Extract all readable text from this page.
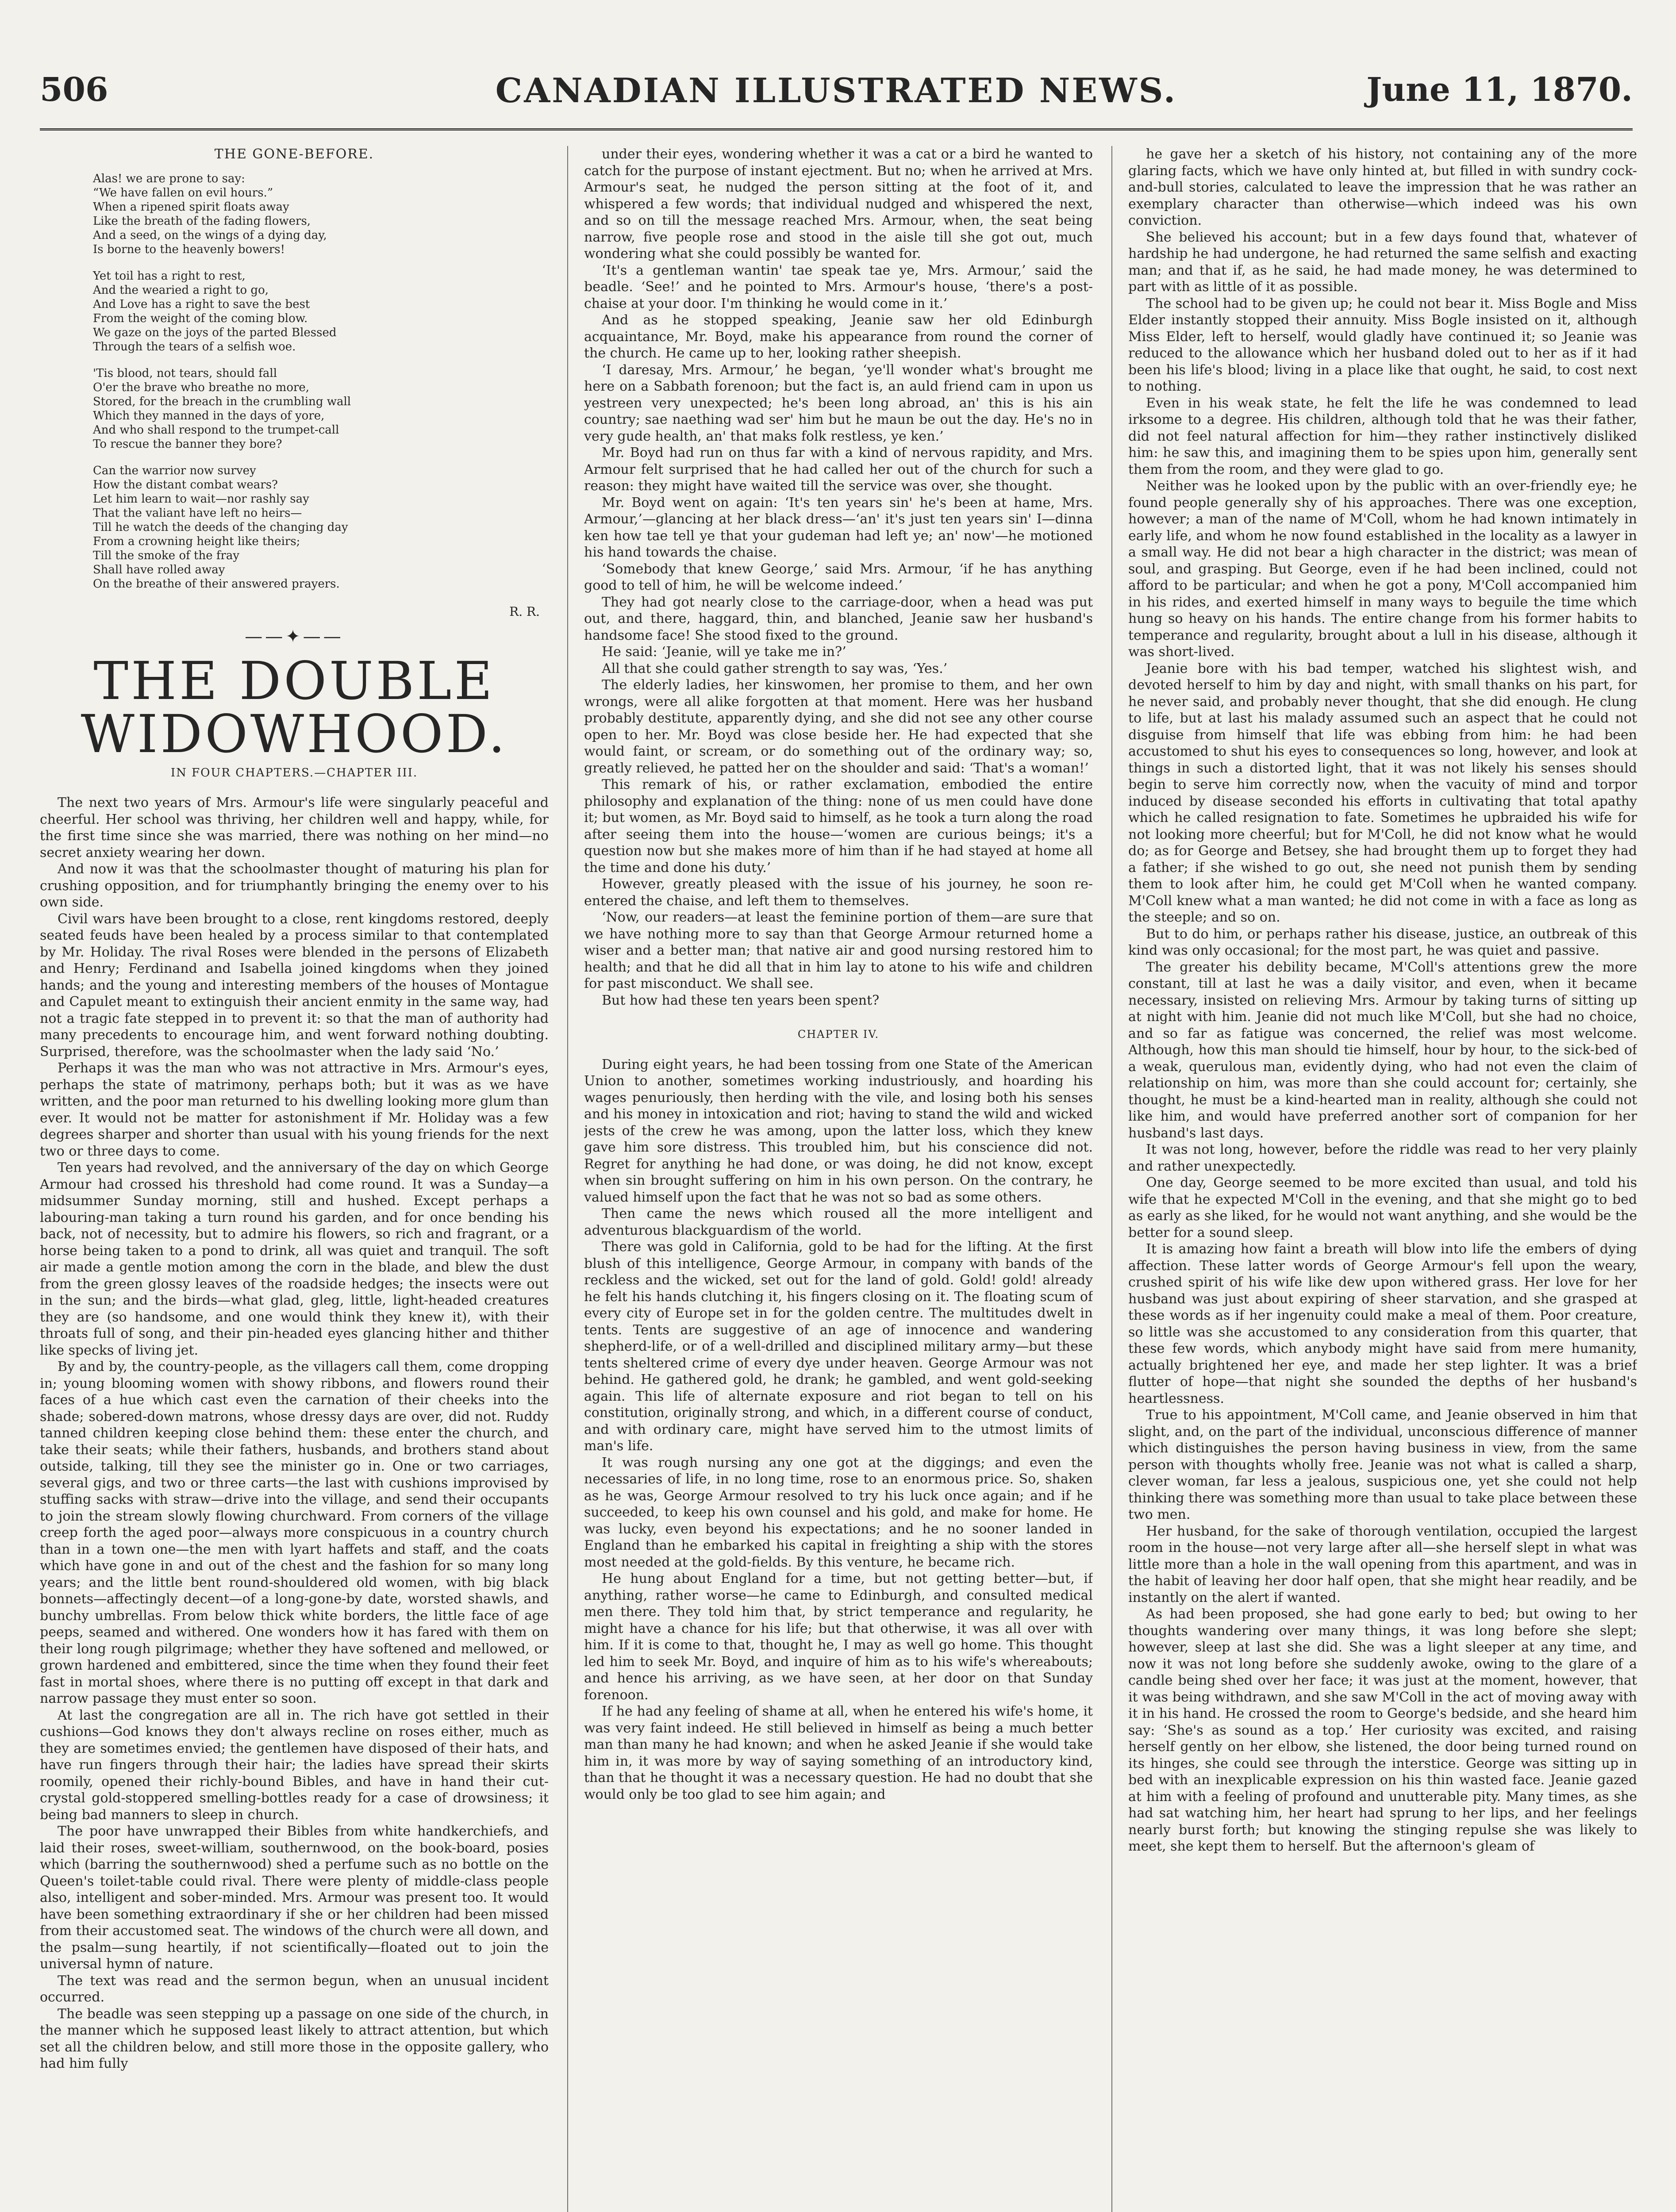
506	CANADIAN ILLUSTRATED NEWS.	June 11, 1870.
THE GONE-BEFORE.
Alas! we are prone to say:
“We have fallen on evil hours.”
When a ripened spirit floats away
Like the breath of the fading flowers,
And a seed, on the wings of a dying day,
Is borne to the heavenly bowers!
Yet toil has a right to rest,
And the wearied a right to go,
And Love has a right to save the best
From the weight of the coming blow.
We gaze on the joys of the parted Blessed
Through the tears of a selfish woe.
'Tis blood, not tears, should fall
O'er the brave who breathe no more,
Stored, for the breach in the crumbling wall
Which they manned in the days of yore,
And who shall respond to the trumpet-call
To rescue the banner they bore?
Can the warrior now survey
How the distant combat wears?
Let him learn to wait—nor rashly say
That the valiant have left no heirs—
Till he watch the deeds of the changing day
From a crowning height like theirs;
Till the smoke of the fray
Shall have rolled away
On the breathe of their answered prayers.
R. R.
——✦——
THE DOUBLE WIDOWHOOD.
IN FOUR CHAPTERS.—CHAPTER III.

The next two years of Mrs. Armour's life were singularly peaceful and cheerful. Her school was thriving, her children well and happy, while, for the first time since she was married, there was nothing on her mind—no secret anxiety wearing her down.

And now it was that the schoolmaster thought of maturing his plan for crushing opposition, and for triumphantly bringing the enemy over to his own side.

Civil wars have been brought to a close, rent kingdoms restored, deeply seated feuds have been healed by a process similar to that contemplated by Mr. Holiday. The rival Roses were blended in the persons of Elizabeth and Henry; Ferdinand and Isabella joined kingdoms when they joined hands; and the young and interesting members of the houses of Montague and Capulet meant to extinguish their ancient enmity in the same way, had not a tragic fate stepped in to prevent it: so that the man of authority had many precedents to encourage him, and went forward nothing doubting. Surprised, therefore, was the schoolmaster when the lady said ‘No.’

Perhaps it was the man who was not attractive in Mrs. Armour's eyes, perhaps the state of matrimony, perhaps both; but it was as we have written, and the poor man returned to his dwelling looking more glum than ever. It would not be matter for astonishment if Mr. Holiday was a few degrees sharper and shorter than usual with his young friends for the next two or three days to come.

Ten years had revolved, and the anniversary of the day on which George Armour had crossed his threshold had come round. It was a Sunday—a midsummer Sunday morning, still and hushed. Except perhaps a labouring-man taking a turn round his garden, and for once bending his back, not of necessity, but to admire his flowers, so rich and fragrant, or a horse being taken to a pond to drink, all was quiet and tranquil. The soft air made a gentle motion among the corn in the blade, and blew the dust from the green glossy leaves of the roadside hedges; the insects were out in the sun; and the birds—what glad, gleg, little, light-headed creatures they are (so handsome, and one would think they knew it), with their throats full of song, and their pin-headed eyes glancing hither and thither like specks of living jet.

By and by, the country-people, as the villagers call them, come dropping in; young blooming women with showy ribbons, and flowers round their faces of a hue which cast even the carnation of their cheeks into the shade; sobered-down matrons, whose dressy days are over, did not. Ruddy tanned children keeping close behind them: these enter the church, and take their seats; while their fathers, husbands, and brothers stand about outside, talking, till they see the minister go in. One or two carriages, several gigs, and two or three carts—the last with cushions improvised by stuffing sacks with straw—drive into the village, and send their occupants to join the stream slowly flowing churchward. From corners of the village creep forth the aged poor—always more conspicuous in a country church than in a town one—the men with lyart haffets and staff, and the coats which have gone in and out of the chest and the fashion for so many long years; and the little bent round-shouldered old women, with big black bonnets—affectingly decent—of a long-gone-by date, worsted shawls, and bunchy umbrellas. From below thick white borders, the little face of age peeps, seamed and withered. One wonders how it has fared with them on their long rough pilgrimage; whether they have softened and mellowed, or grown hardened and embittered, since the time when they found their feet fast in mortal shoes, where there is no putting off except in that dark and narrow passage they must enter so soon.

At last the congregation are all in. The rich have got settled in their cushions—God knows they don't always recline on roses either, much as they are sometimes envied; the gentlemen have disposed of their hats, and have run fingers through their hair; the ladies have spread their skirts roomily, opened their richly-bound Bibles, and have in hand their cut-crystal gold-stoppered smelling-bottles ready for a case of drowsiness; it being bad manners to sleep in church.

The poor have unwrapped their Bibles from white handkerchiefs, and laid their roses, sweet-william, southernwood, on the book-board, posies which (barring the southernwood) shed a perfume such as no bottle on the Queen's toilet-table could rival. There were plenty of middle-class people also, intelligent and sober-minded. Mrs. Armour was present too. It would have been something extraordinary if she or her children had been missed from their accustomed seat. The windows of the church were all down, and the psalm—sung heartily, if not scientifically—floated out to join the universal hymn of nature.

The text was read and the sermon begun, when an unusual incident occurred.

The beadle was seen stepping up a passage on one side of the church, in the manner which he supposed least likely to attract attention, but which set all the children below, and still more those in the opposite gallery, who had him fully

under their eyes, wondering whether it was a cat or a bird he wanted to catch for the purpose of instant ejectment. But no; when he arrived at Mrs. Armour's seat, he nudged the person sitting at the foot of it, and whispered a few words; that individual nudged and whispered the next, and so on till the message reached Mrs. Armour, when, the seat being narrow, five people rose and stood in the aisle till she got out, much wondering what she could possibly be wanted for.

‘It's a gentleman wantin' tae speak tae ye, Mrs. Armour,’ said the beadle. ‘See!’ and he pointed to Mrs. Armour's house, ‘there's a post-chaise at your door. I'm thinking he would come in it.’

And as he stopped speaking, Jeanie saw her old Edinburgh acquaintance, Mr. Boyd, make his appearance from round the corner of the church. He came up to her, looking rather sheepish.

‘I daresay, Mrs. Armour,’ he began, ‘ye'll wonder what's brought me here on a Sabbath forenoon; but the fact is, an auld friend cam in upon us yestreen very unexpected; he's been long abroad, an' this is his ain country; sae naething wad ser' him but he maun be out the day. He's no in very gude health, an' that maks folk restless, ye ken.’

Mr. Boyd had run on thus far with a kind of nervous rapidity, and Mrs. Armour felt surprised that he had called her out of the church for such a reason: they might have waited till the service was over, she thought.

Mr. Boyd went on again: ‘It's ten years sin' he's been at hame, Mrs. Armour,’—glancing at her black dress—‘an' it's just ten years sin' I—dinna ken how tae tell ye that your gudeman had left ye; an' now'—he motioned his hand towards the chaise.

‘Somebody that knew George,’ said Mrs. Armour, ‘if he has anything good to tell of him, he will be welcome indeed.’

They had got nearly close to the carriage-door, when a head was put out, and there, haggard, thin, and blanched, Jeanie saw her husband's handsome face! She stood fixed to the ground.

He said: ‘Jeanie, will ye take me in?’

All that she could gather strength to say was, ‘Yes.’

The elderly ladies, her kinswomen, her promise to them, and her own wrongs, were all alike forgotten at that moment. Here was her husband probably destitute, apparently dying, and she did not see any other course open to her. Mr. Boyd was close beside her. He had expected that she would faint, or scream, or do something out of the ordinary way; so, greatly relieved, he patted her on the shoulder and said: ‘That's a woman!’

This remark of his, or rather exclamation, embodied the entire philosophy and explanation of the thing: none of us men could have done it; but women, as Mr. Boyd said to himself, as he took a turn along the road after seeing them into the house—‘women are curious beings; it's a question now but she makes more of him than if he had stayed at home all the time and done his duty.’

However, greatly pleased with the issue of his journey, he soon re-entered the chaise, and left them to themselves.

‘Now, our readers—at least the feminine portion of them—are sure that we have nothing more to say than that George Armour returned home a wiser and a better man; that native air and good nursing restored him to health; and that he did all that in him lay to atone to his wife and children for past misconduct. We shall see.

But how had these ten years been spent?

CHAPTER IV.

During eight years, he had been tossing from one State of the American Union to another, sometimes working industriously, and hoarding his wages penuriously, then herding with the vile, and losing both his senses and his money in intoxication and riot; having to stand the wild and wicked jests of the crew he was among, upon the latter loss, which they knew gave him sore distress. This troubled him, but his conscience did not. Regret for anything he had done, or was doing, he did not know, except when sin brought suffering on him in his own person. On the contrary, he valued himself upon the fact that he was not so bad as some others.

Then came the news which roused all the more intelligent and adventurous blackguardism of the world.

There was gold in California, gold to be had for the lifting. At the first blush of this intelligence, George Armour, in company with bands of the reckless and the wicked, set out for the land of gold. Gold! gold! already he felt his hands clutching it, his fingers closing on it. The floating scum of every city of Europe set in for the golden centre. The multitudes dwelt in tents. Tents are suggestive of an age of innocence and wandering shepherd-life, or of a well-drilled and disciplined military army—but these tents sheltered crime of every dye under heaven. George Armour was not behind. He gathered gold, he drank; he gambled, and went gold-seeking again. This life of alternate exposure and riot began to tell on his constitution, originally strong, and which, in a different course of conduct, and with ordinary care, might have served him to the utmost limits of man's life.

It was rough nursing any one got at the diggings; and even the necessaries of life, in no long time, rose to an enormous price. So, shaken as he was, George Armour resolved to try his luck once again; and if he succeeded, to keep his own counsel and his gold, and make for home. He was lucky, even beyond his expectations; and he no sooner landed in England than he embarked his capital in freighting a ship with the stores most needed at the gold-fields. By this venture, he became rich.

He hung about England for a time, but not getting better—but, if anything, rather worse—he came to Edinburgh, and consulted medical men there. They told him that, by strict temperance and regularity, he might have a chance for his life; but that otherwise, it was all over with him. If it is come to that, thought he, I may as well go home. This thought led him to seek Mr. Boyd, and inquire of him as to his wife's whereabouts; and hence his arriving, as we have seen, at her door on that Sunday forenoon.

If he had any feeling of shame at all, when he entered his wife's home, it was very faint indeed. He still believed in himself as being a much better man than many he had known; and when he asked Jeanie if she would take him in, it was more by way of saying something of an introductory kind, than that he thought it was a necessary question. He had no doubt that she would only be too glad to see him again; and

he gave her a sketch of his history, not containing any of the more glaring facts, which we have only hinted at, but filled in with sundry cock-and-bull stories, calculated to leave the impression that he was rather an exemplary character than otherwise—which indeed was his own conviction.

She believed his account; but in a few days found that, whatever of hardship he had undergone, he had returned the same selfish and exacting man; and that if, as he said, he had made money, he was determined to part with as little of it as possible.

The school had to be given up; he could not bear it. Miss Bogle and Miss Elder instantly stopped their annuity. Miss Bogle insisted on it, although Miss Elder, left to herself, would gladly have continued it; so Jeanie was reduced to the allowance which her husband doled out to her as if it had been his life's blood; living in a place like that ought, he said, to cost next to nothing.

Even in his weak state, he felt the life he was condemned to lead irksome to a degree. His children, although told that he was their father, did not feel natural affection for him—they rather instinctively disliked him: he saw this, and imagining them to be spies upon him, generally sent them from the room, and they were glad to go.

Neither was he looked upon by the public with an over-friendly eye; he found people generally shy of his approaches. There was one exception, however; a man of the name of M'Coll, whom he had known intimately in early life, and whom he now found established in the locality as a lawyer in a small way. He did not bear a high character in the district; was mean of soul, and grasping. But George, even if he had been inclined, could not afford to be particular; and when he got a pony, M'Coll accompanied him in his rides, and exerted himself in many ways to beguile the time which hung so heavy on his hands. The entire change from his former habits to temperance and regularity, brought about a lull in his disease, although it was short-lived.

Jeanie bore with his bad temper, watched his slightest wish, and devoted herself to him by day and night, with small thanks on his part, for he never said, and probably never thought, that she did enough. He clung to life, but at last his malady assumed such an aspect that he could not disguise from himself that life was ebbing from him: he had been accustomed to shut his eyes to consequences so long, however, and look at things in such a distorted light, that it was not likely his senses should begin to serve him correctly now, when the vacuity of mind and torpor induced by disease seconded his efforts in cultivating that total apathy which he called resignation to fate. Sometimes he upbraided his wife for not looking more cheerful; but for M'Coll, he did not know what he would do; as for George and Betsey, she had brought them up to forget they had a father; if she wished to go out, she need not punish them by sending them to look after him, he could get M'Coll when he wanted company. M'Coll knew what a man wanted; he did not come in with a face as long as the steeple; and so on.

But to do him, or perhaps rather his disease, justice, an outbreak of this kind was only occasional; for the most part, he was quiet and passive.

The greater his debility became, M'Coll's attentions grew the more constant, till at last he was a daily visitor, and even, when it became necessary, insisted on relieving Mrs. Armour by taking turns of sitting up at night with him. Jeanie did not much like M'Coll, but she had no choice, and so far as fatigue was concerned, the relief was most welcome. Although, how this man should tie himself, hour by hour, to the sick-bed of a weak, querulous man, evidently dying, who had not even the claim of relationship on him, was more than she could account for; certainly, she thought, he must be a kind-hearted man in reality, although she could not like him, and would have preferred another sort of companion for her husband's last days.

It was not long, however, before the riddle was read to her very plainly and rather unexpectedly.

One day, George seemed to be more excited than usual, and told his wife that he expected M'Coll in the evening, and that she might go to bed as early as she liked, for he would not want anything, and she would be the better for a sound sleep.

It is amazing how faint a breath will blow into life the embers of dying affection. These latter words of George Armour's fell upon the weary, crushed spirit of his wife like dew upon withered grass. Her love for her husband was just about expiring of sheer starvation, and she grasped at these words as if her ingenuity could make a meal of them. Poor creature, so little was she accustomed to any consideration from this quarter, that these few words, which anybody might have said from mere humanity, actually brightened her eye, and made her step lighter. It was a brief flutter of hope—that night she sounded the depths of her husband's heartlessness.

True to his appointment, M'Coll came, and Jeanie observed in him that slight, and, on the part of the individual, unconscious difference of manner which distinguishes the person having business in view, from the same person with thoughts wholly free. Jeanie was not what is called a sharp, clever woman, far less a jealous, suspicious one, yet she could not help thinking there was something more than usual to take place between these two men.

Her husband, for the sake of thorough ventilation, occupied the largest room in the house—not very large after all—she herself slept in what was little more than a hole in the wall opening from this apartment, and was in the habit of leaving her door half open, that she might hear readily, and be instantly on the alert if wanted.

As had been proposed, she had gone early to bed; but owing to her thoughts wandering over many things, it was long before she slept; however, sleep at last she did. She was a light sleeper at any time, and now it was not long before she suddenly awoke, owing to the glare of a candle being shed over her face; it was just at the moment, however, that it was being withdrawn, and she saw M'Coll in the act of moving away with it in his hand. He crossed the room to George's bedside, and she heard him say: ‘She's as sound as a top.’ Her curiosity was excited, and raising herself gently on her elbow, she listened, the door being turned round on its hinges, she could see through the interstice. George was sitting up in bed with an inexplicable expression on his thin wasted face. Jeanie gazed at him with a feeling of profound and unutterable pity. Many times, as she had sat watching him, her heart had sprung to her lips, and her feelings nearly burst forth; but knowing the stinging repulse she was likely to meet, she kept them to herself. But the afternoon's gleam of
